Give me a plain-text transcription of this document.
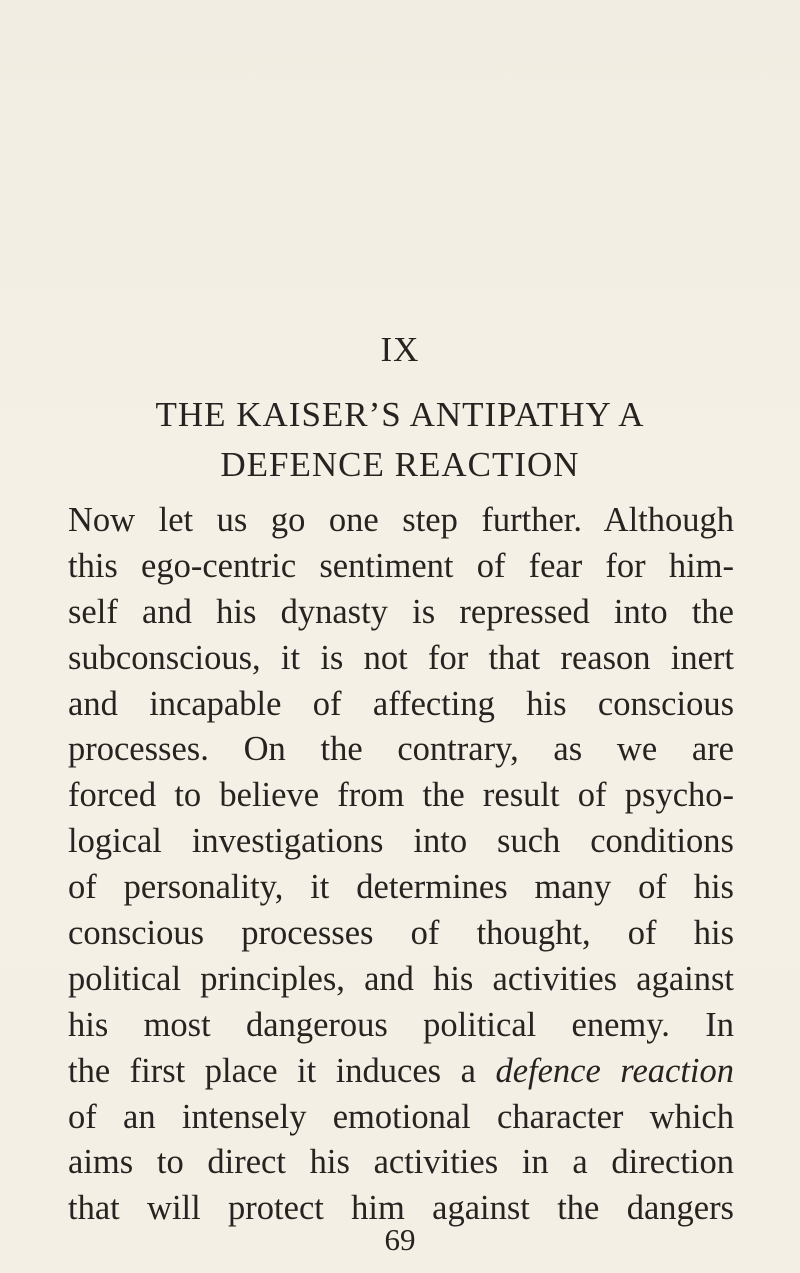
IX
THE KAISER’S ANTIPATHY A
DEFENCE REACTION
Now let us go one step further. Although
this ego-centric sentiment of fear for him-
self and his dynasty is repressed into the
subconscious, it is not for that reason inert
and incapable of affecting his conscious
processes. On the contrary, as we are
forced to believe from the result of psycho-
logical investigations into such conditions
of personality, it determines many of his
conscious processes of thought, of his
political principles, and his activities against
his most dangerous political enemy. In
the first place it induces a defence reaction
of an intensely emotional character which
aims to direct his activities in a direction
that will protect him against the dangers
69
